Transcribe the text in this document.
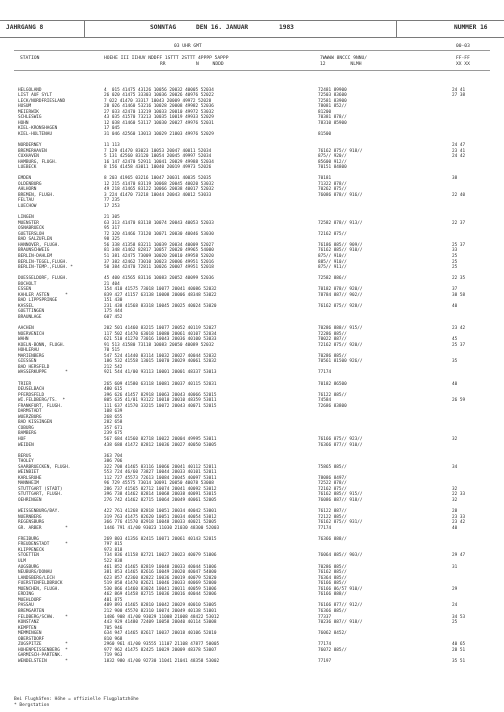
JAHRGANG 8	SONNTAG	DEN 16. JANUAR	1983	NUMMER 16
03 UHR GMT	00-03
STATION	HOEHE III IIHUV NDDFF 1STTT 2STTT 4PPPP 5APPP
RR           N     NDDD
7WWWW 8NCCC 9NNU/
12         NLMH
FF-FF
XX XX
HELGOLAND	4  015 41475 43126 10056 20032 40005 52034	72481 89900	24 41
LIST AUF SYLT	26 020 41475 33303 10036 20026 40976 52022	72503 83600	27 38
LECK/NORDFRIESLAND	7 022 41470 33317 10043 20009 49972 52028	72581 83900
HUSUM	28 026 41460 53216 10028 20008 49982 52036	78081 852//
MEIERWIK	27 033 42470 13219 10033 20010 49972 53032	81200
SCHLESWIG	43 035 41570 73213 10035 10019 49933 52029	70381 878//
HOHN	12 038 41460 53117 10030 20027 49976 52031	78310 85900
KIEL-KRONSHAGEN	17 045
KIEL-HOLTENAU	31 046 42560 13013 10029 21003 49976 52029	81500
NORDERNEY	11 113	24 47
BREMERHAVEN	7 129 41470 83023 10053 20047 40011 52034	76162 875// 918//	23 41
CUXHAVEN	5 131 42560 83120 10054 20045 49997 52034	875// 920//	24 42
HAMBURG, FLUGH.	16 147 42470 52911 10041 20029 49988 52034	85600 912//
LUEBECK	8 156 41458 43011 10040 20019 49973 52026	70151 84800
EMDEN	8 203 41965 03216 10047 20031 40035 52035	70181	38
OLDENBURG	12 215 41470 83119 10068 20045 40020 53032	71322 878//
AHLHORN	49 218 41465 83122 10066 20038 40017 52032	70262 875//
BREMEN, FLUGH.	3 224 41470 73218 10044 20043 40012 53033	76086 878// 916//	22 40
FELTAU	77 235
LUECHOW	17 253
LINGEN	21 305
MUENSTER	63 313 41470 83118 10074 20043 40053 52033	72582 878// 913//	22 37
OSNABRUECK	95 317
GUETERSLOH	72 320 41466 73120 10071 20030 40046 53030	72162 875//
BAD SALZUFLEN	98 325
HANNOVER, FLUGH.	56 338 41358 83211 10039 20034 40009 52027	76186 885// 909//	25 37
BRAUNSCHWEIG	81 348 41462 82817 10057 20020 49965 54000	76162 885// 910//	33
BERLIN-DAHLEM	51 381 42475 73009 10020 20010 49958 52020	875// 910//	25
BERLIN-TEGEL,FLUGH.	37 382 42462 73010 10023 20006 49951 52016	885// 910//	25
BERLIN-TEMP.,FLUGH. *	50 384 42470 72811 10026 20007 49951 52018	875// 911//	25
DUESSELDORF, FLUGH.	45 400 41565 83116 10083 20052 40099 52036	72582 886//	22 35
BOCHOLT	21 404
ESSEN	154 410 41575 73018 10077 20041 40086 52032	70182 878// 920//	37
KAHLER ASTEN      *	839 427 41157 63138 10008 20006 48348 53022	78784 887// 902//	38 58
BAD LIPPSPRINGE	151 430
KASSEL	231 438 41568 83318 10045 20025 40024 53020	76162 875// 928//	40
GOETTINGEN	175 444
BRAUNLAGE	607 452
AACHEN	202 501 41460 83215 10077 20052 40119 52027	70286 888// 915//	23 42
NOERVENICH	117 502 41470 63018 10080 20061 40107 52034	72286 885//
WAHN	621 510 41270 73016 10043 20036 40100 53033	70022 887//	45
KOELN-BONN, FLUGH.	91 513 41580 73118 10083 20050 40089 52032	72162 875// 920//	25 37
HOHLERAU	70 515
MARIENBERG	547 524 41440 83114 10032 20027 40044 52032	70286 885//
GIESSEN	186 532 41558 13015 10070 20029 40061 52032	70561 81500 926//	35
BAD HERSFELD	212 542
WASSERKUPPE       *	921 544 41/00 93113 10001 20001 48337 53013	77174
TRIER	265 609 41580 63118 10081 20037 40115 52031	70182 86500	40
DEUSELBACH	480 615
PFERDSFELD	396 626 41457 82918 10063 20043 40066 52015	76122 885//
WI.FELDBERG/TS.  *	805 635 41/01 93122 10010 20010 48359 53011	74584	26 59
FRANKFURT, FLUGH.	111 637 41570 33215 10072 20043 40071 52015	72686 83800
DARMSTADT	108 639
WUERZBURG	268 655
BAD KISSINGEN	282 658
COBURG	357 671
BAMBERG	239 675
HOF	567 684 41560 82718 10022 20004 49995 53011	76166 875// 923//	32
WEIDEN	438 688 41472 82812 10036 20027 40050 53005	76366 877// 910//
BERUS	363 704
THOLEY	386 706
SAARBRUECKEN, FLUGH.	322 708 41465 83116 10066 20041 40112 52011	75865 885//	34
WEINBIET	553 724 46/60 73827 10044 20033 40101 52011
KARLSRUHE	112 727 45573 72613 10084 20045 40097 53011	78086 8497/
MANNHEIM	96 729 45575 73014 10091 20050 40078 53008	72522 878//
STUTTGART (STADT)	286 737 41565 82712 10074 20041 40092 53012	72162 875//	32
STUTTGART, FLUGH.	396 738 41462 82814 10068 20038 40091 53015	76162 885// 915//	22 33
OEHRINGEN	276 742 41462 82715 10064 20049 40061 52005	76086 887// 918//	32
WEISSENBURG/BAY.	422 761 41268 82818 10051 20034 40042 53001	76122 887//	28
NUERNBERG	319 763 41475 82620 10051 20034 40054 53012	72122 885//	23 33
REGENSBURG	366 776 41570 82918 10048 20033 40021 52005	76162 875// 931//	23 42
GR. ARBER         *	1446 791 41/00 93023 11030 21030 48300 52003	77174	40
FREIBURG	269 803 41356 82415 10071 20061 40143 52015	76366 888//
FREUDENSTADT      *	797 815
KLIPPENECK	973 818
STOETTEN	734 836 41158 82721 10027 20023 40079 51006	76064 885// 903//	29 47
ULM	522 838
AUGSBURG	461 852 41465 82819 10048 20033 40044 51006	70286 885//	31
NEUBURG/DONAU	381 853 41465 82616 10049 20020 40047 54000	76162 885//
LANDSBERG/LECH	623 857 42360 82822 10036 20019 40079 52020	76364 885//
FUERSTENFELDBRUCK	519 858 41470 82621 10046 20033 40069 52000	76166 885//
MUENCHEN, FLUGH.	530 866 41460 83024 10041 20011 40059 51006	76166 86/57 910//	29
ERDING	462 869 41458 82715 10036 20016 40044 52006	76166 888//
MUEHLDORF	401 875
PASSAU	409 893 41465 82810 10042 20029 40010 53005	76166 877// 912//	24
BREMGARTEN	212 900 45570 82310 10074 20049 40138 51001	76366 885//
FELDBERG/SCHW.    *	1486 908 41/00 93029 11008 21008 48422 53012	77337	34 53
KONSTANZ	443 929 41480 72409 10058 20040 40114 53008	70236 887// 918//	25
KEMPTEN	705 946
MEMMINGEN	634 947 41465 82617 10037 20018 40106 52010	76062 8452/
OBERSTDORF	810 968
ZUGSPITZE         *	2960 961 41/00 93555 11107 21108 47877 50005	77174	40 65
HOHENPEISSENBERG  *	977 962 41475 82425 10029 20009 48378 53007	76072 885//	28 51
GARMISCH-PARTENK.	719 963
WENDELSTEIN       *	1832 980 41/00 92730 11041 21041 48358 53002	77197	35 51
Bei Flughäfen: Höhe = offizielle Flugplatzhöhe
* Bergstation
